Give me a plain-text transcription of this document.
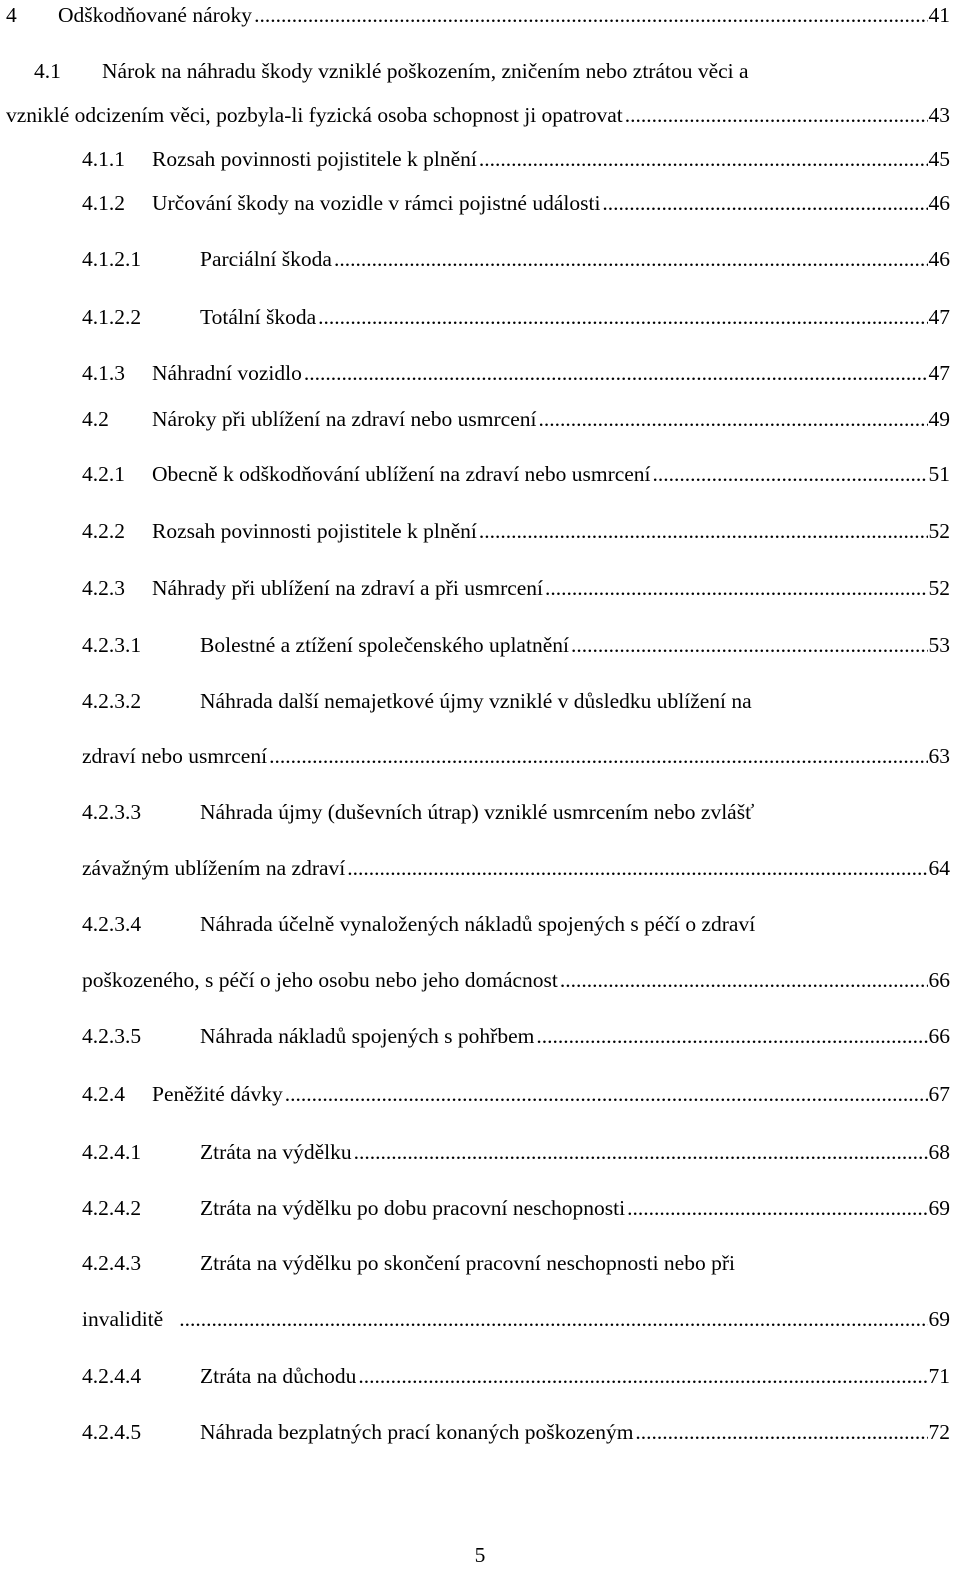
4 Odškodňované nároky .....	41
4.1 Nárok na náhradu škody vzniklé poškozením, zničením nebo ztrátou věci a
vzniklé odcizením věci, pozbyla-li fyzická osoba schopnost ji opatrovat .....	43
4.1.1 Rozsah povinnosti pojistitele k plnění .....	45
4.1.2 Určování škody na vozidle v rámci pojistné události .....	46
4.1.2.1	Parciální škoda .....	46
4.1.2.2	Totální škoda .....	47
4.1.3 Náhradní vozidlo .....	47
4.2 Nároky při ublížení na zdraví nebo usmrcení .....	49
4.2.1 Obecně k odškodňování ublížení na zdraví nebo usmrcení .....	51
4.2.2 Rozsah povinnosti pojistitele k plnění .....	52
4.2.3 Náhrady při ublížení na zdraví a při usmrcení .....	52
4.2.3.1	Bolestné a ztížení společenského uplatnění .....	53
4.2.3.2	Náhrada další nemajetkové újmy vzniklé v důsledku ublížení na
zdraví nebo usmrcení .....	63
4.2.3.3	Náhrada újmy (duševních útrap) vzniklé usmrcením nebo zvlášť
závažným ublížením na zdraví .....	64
4.2.3.4	Náhrada účelně vynaložených nákladů spojených s péčí o zdraví
poškozeného, s péčí o jeho osobu nebo jeho domácnost .....	66
4.2.3.5	Náhrada nákladů spojených s pohřbem .....	66
4.2.4 Peněžité dávky .....	67
4.2.4.1	Ztráta na výdělku .....	68
4.2.4.2	Ztráta na výdělku po dobu pracovní neschopnosti .....	69
4.2.4.3	Ztráta na výdělku po skončení pracovní neschopnosti nebo při
invaliditě .....	69
4.2.4.4	Ztráta na důchodu .....	71
4.2.4.5	Náhrada bezplatných prací konaných poškozeným .....	72
5
